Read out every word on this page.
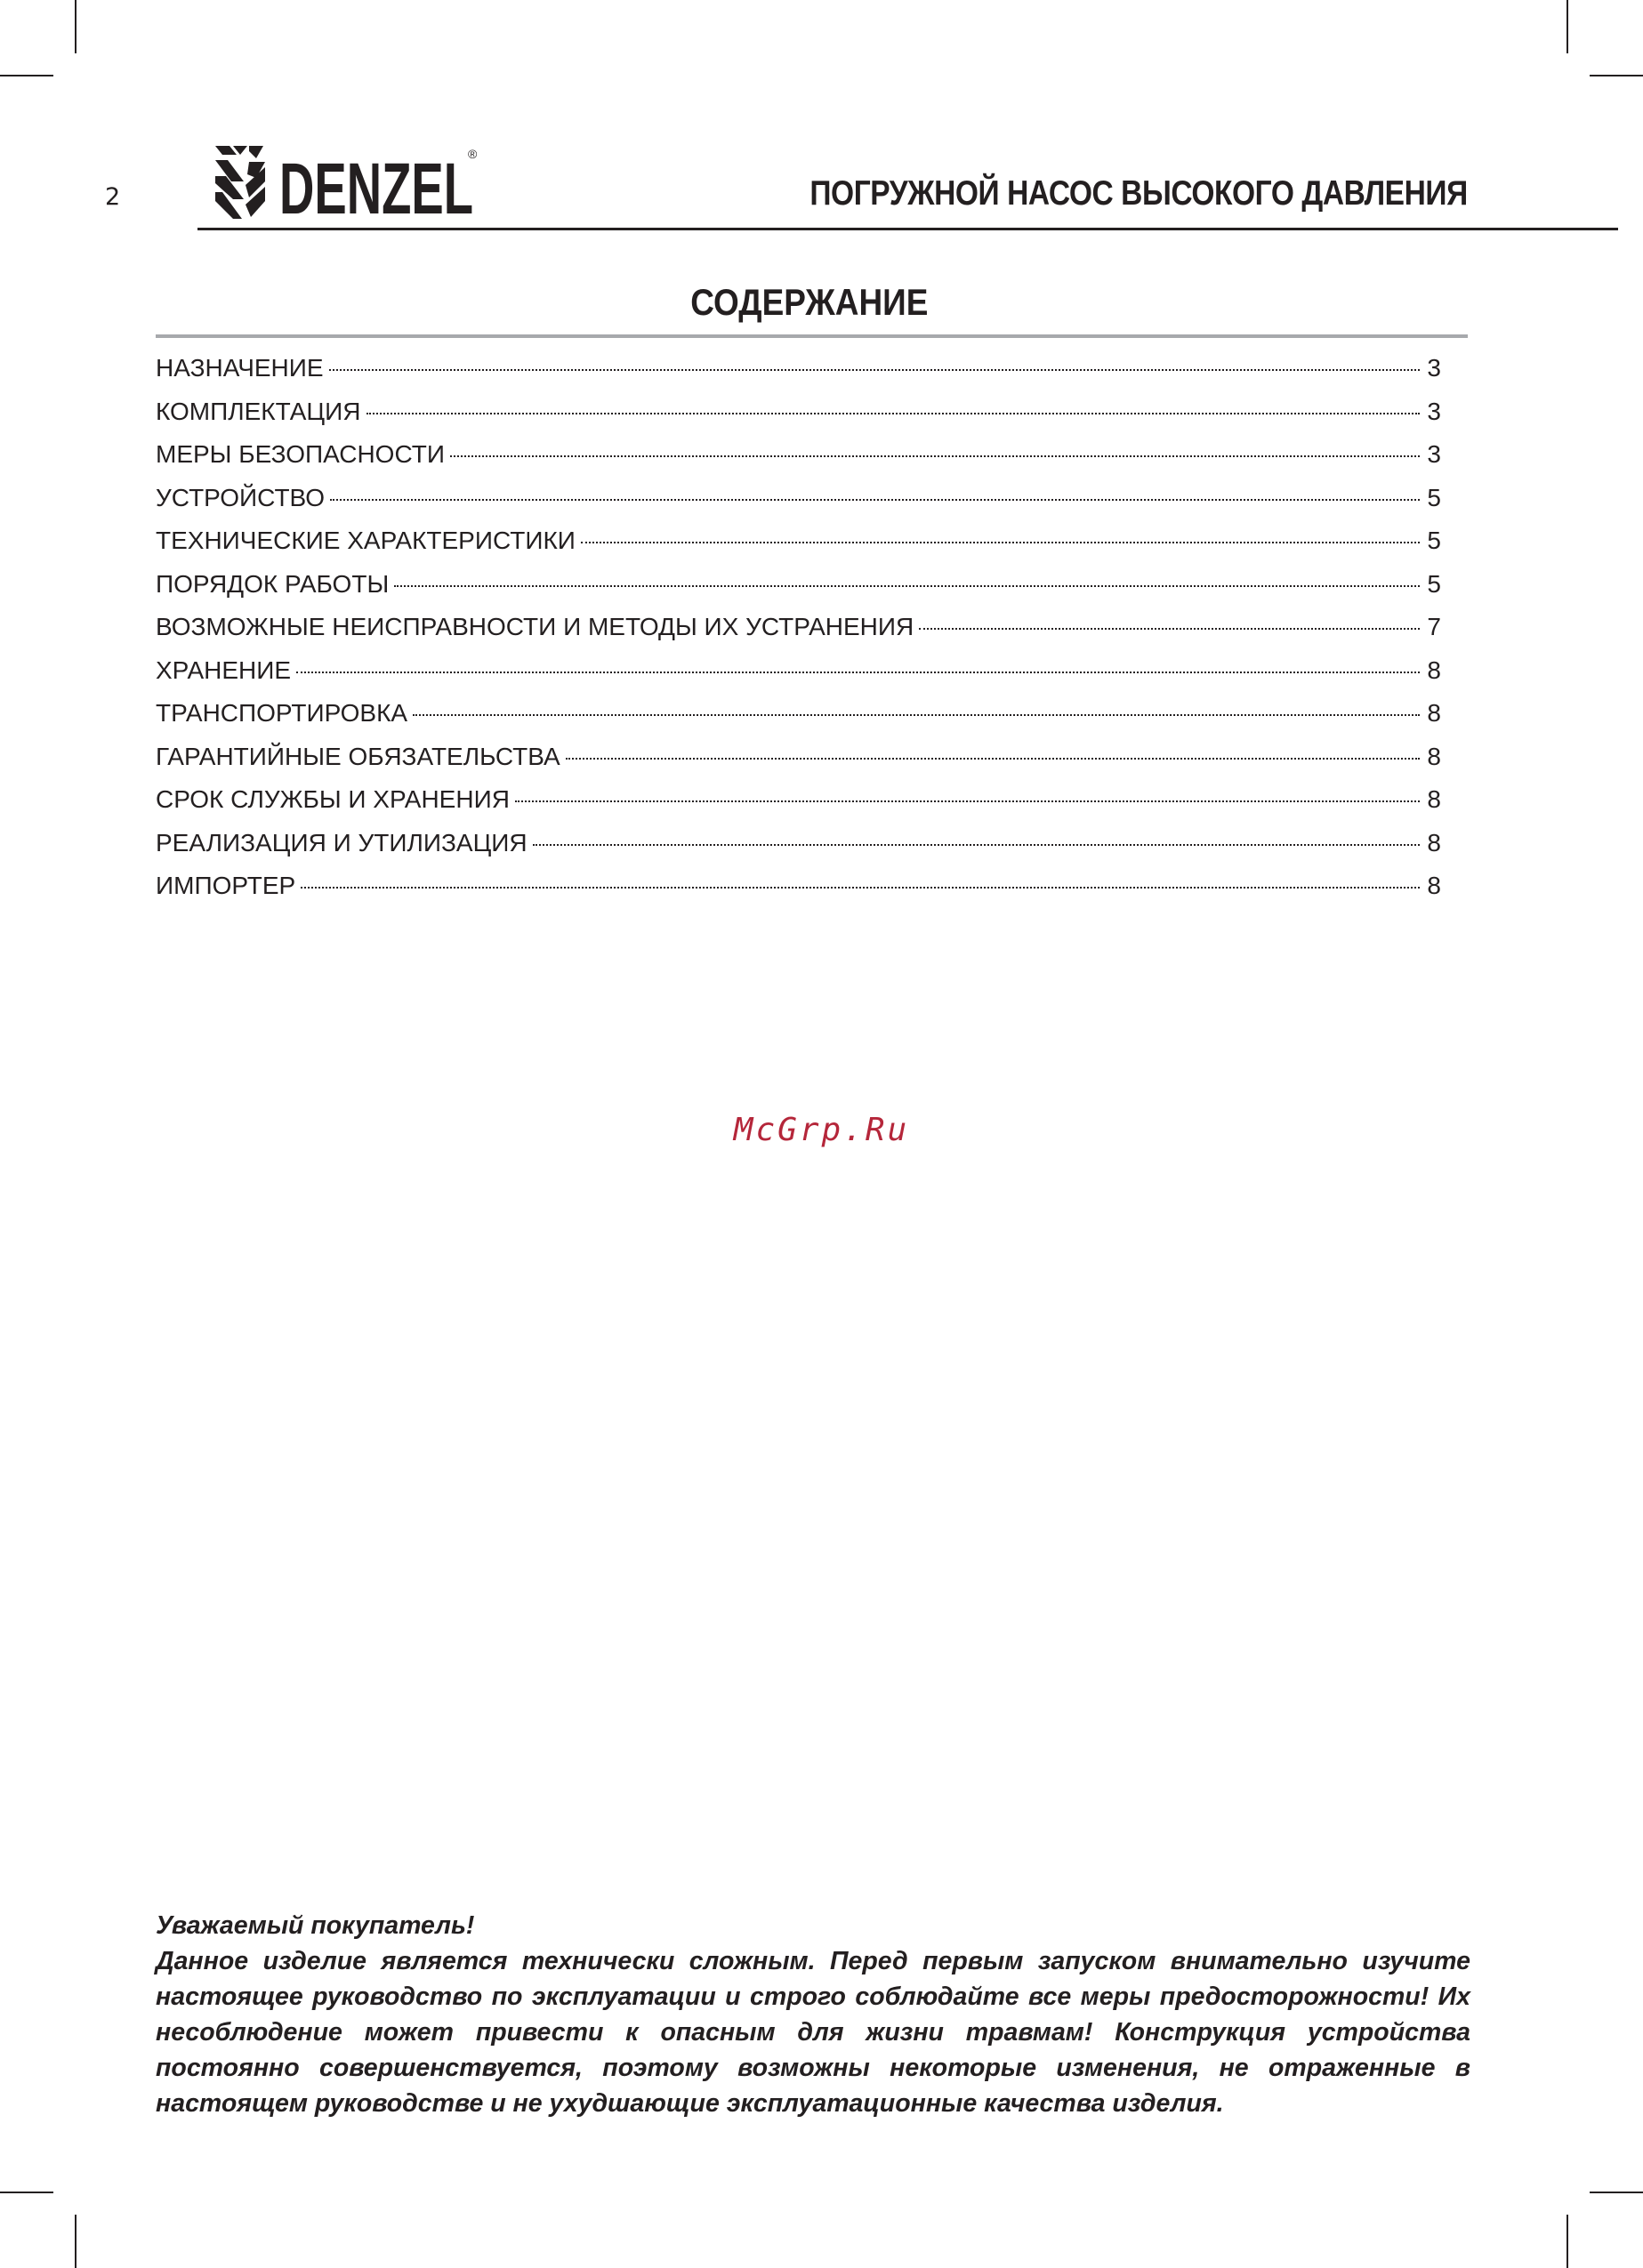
2 DENZEL
®
ПОГРУЖНОЙ НАСОС ВЫСОКОГО ДАВЛЕНИЯ
СОДЕРЖАНИЕ
НАЗНАЧЕНИЕ	3
КОМПЛЕКТАЦИЯ	3
МЕРЫ БЕЗОПАСНОСТИ	3
УСТРОЙСТВО	5
ТЕХНИЧЕСКИЕ ХАРАКТЕРИСТИКИ	5
ПОРЯДОК РАБОТЫ	5
ВОЗМОЖНЫЕ НЕИСПРАВНОСТИ И МЕТОДЫ ИХ УСТРАНЕНИЯ	7
ХРАНЕНИЕ	8
ТРАНСПОРТИРОВКА	8
ГАРАНТИЙНЫЕ ОБЯЗАТЕЛЬСТВА	8
СРОК СЛУЖБЫ И ХРАНЕНИЯ	8
РЕАЛИЗАЦИЯ И УТИЛИЗАЦИЯ	8
ИМПОРТЕР	8
McGrp.Ru

Уважаемый покупатель!

Данное изделие является технически сложным. Перед первым запуском внимательно изучите настоящее руководство по эксплуатации и строго соблюдайте все меры предосторожности! Их несоблюдение может привести к опасным для жизни травмам! Конструкция устройства постоянно совершенствуется, поэтому возможны некоторые изменения, не отраженные в настоящем руководстве и не ухудшающие эксплуатационные качества изделия.
